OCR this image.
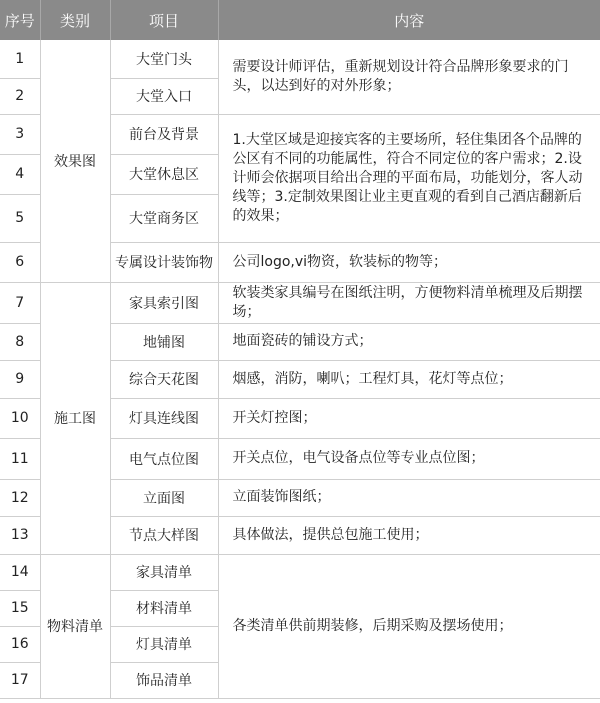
序号	类别	项目	内容
1	效果图	大堂门头	需要设计师评估，重新规划设计符合品牌形象要求的门头，以达到好的对外形象；
2		大堂入口	
3		前台及背景	1.大堂区域是迎接宾客的主要场所，轻住集团各个品牌的公区有不同的功能属性，符合不同定位的客户需求；2.设计师会依据项目给出合理的平面布局，功能划分，客人动线等；3.定制效果图让业主更直观的看到自己酒店翻新后的效果；
4		大堂休息区	
5		大堂商务区	
6		专属设计装饰物	公司logo,vi物资，软装标的物等；
7	施工图	家具索引图	软装类家具编号在图纸注明，方便物料清单梳理及后期摆场；
8		地铺图	地面瓷砖的铺设方式；
9		综合天花图	烟感，消防，喇叭；工程灯具，花灯等点位；
10		灯具连线图	开关灯控图；
11		电气点位图	开关点位，电气设备点位等专业点位图；
12		立面图	立面装饰图纸；
13		节点大样图	具体做法，提供总包施工使用；
14	物料清单	家具清单	各类清单供前期装修，后期采购及摆场使用；
15		材料清单	
16		灯具清单	
17		饰品清单	
